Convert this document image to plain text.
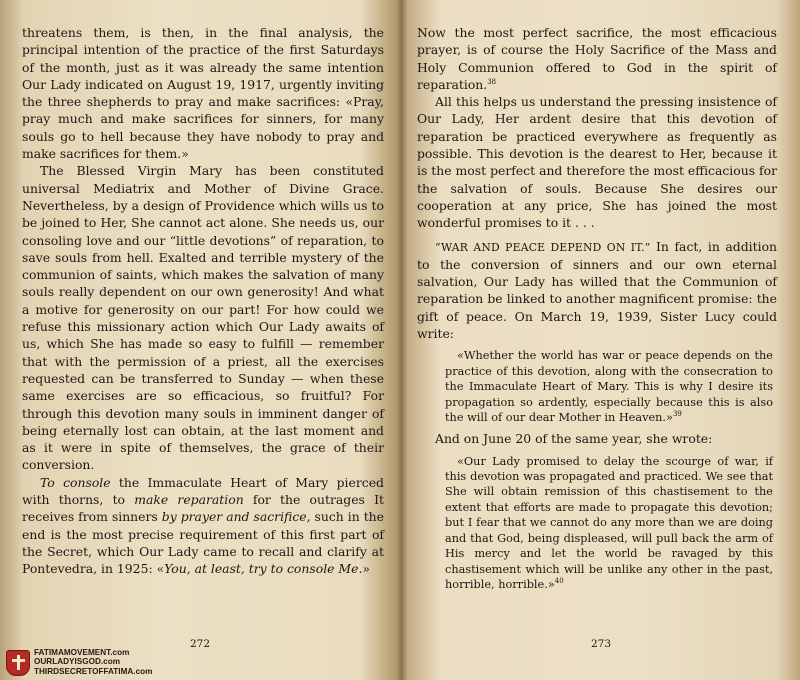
threatens them, is then, in the final analysis, the principal intention of the practice of the first Saturdays of the month, just as it was already the same intention Our Lady indicated on August 19, 1917, urgently inviting the three shepherds to pray and make sacrifices: «Pray, pray much and make sacrifices for sinners, for many souls go to hell because they have nobody to pray and make sacrifices for them.»

The Blessed Virgin Mary has been constituted universal Mediatrix and Mother of Divine Grace. Nevertheless, by a design of Providence which wills us to be joined to Her, She cannot act alone. She needs us, our consoling love and our “little devotions” of reparation, to save souls from hell. Exalted and terrible mystery of the communion of saints, which makes the salvation of many souls really dependent on our own generosity! And what a motive for generosity on our part! For how could we refuse this missionary action which Our Lady awaits of us, which She has made so easy to fulfill — remember that with the permission of a priest, all the exercises requested can be transferred to Sunday — when these same exercises are so efficacious, so fruitful? For through this devotion many souls in imminent danger of being eternally lost can obtain, at the last moment and as it were in spite of themselves, the grace of their conversion.

To console the Immaculate Heart of Mary pierced with thorns, to make reparation for the outrages It receives from sinners by prayer and sacrifice, such in the end is the most precise requirement of this first part of the Secret, which Our Lady came to recall and clarify at Pontevedra, in 1925: «You, at least, try to console Me.»

272

Now the most perfect sacrifice, the most efficacious prayer, is of course the Holy Sacrifice of the Mass and Holy Communion offered to God in the spirit of reparation.$^{38}$

All this helps us understand the pressing insistence of Our Lady, Her ardent desire that this devotion of reparation be practiced everywhere as frequently as possible. This devotion is the dearest to Her, because it is the most perfect and therefore the most efficacious for the salvation of souls. Because She desires our cooperation at any price, She has joined the most wonderful promises to it . . .

“WAR AND PEACE DEPEND ON IT.” In fact, in addition to the conversion of sinners and our own eternal salvation, Our Lady has willed that the Communion of reparation be linked to another magnificent promise: the gift of peace. On March 19, 1939, Sister Lucy could write:

«Whether the world has war or peace depends on the practice of this devotion, along with the consecration to the Immaculate Heart of Mary. This is why I desire its propagation so ardently, especially because this is also the will of our dear Mother in Heaven.»$^{39}$

And on June 20 of the same year, she wrote:

«Our Lady promised to delay the scourge of war, if this devotion was propagated and practiced. We see that She will obtain remission of this chastisement to the extent that efforts are made to propagate this devotion; but I fear that we cannot do any more than we are doing and that God, being displeased, will pull back the arm of His mercy and let the world be ravaged by this chastisement which will be unlike any other in the past, horrible, horrible.»$^{40}$

273
FATIMAMOVEMENT.com
OURLADYISGOD.com
THIRDSECRETOFFATIMA.com
